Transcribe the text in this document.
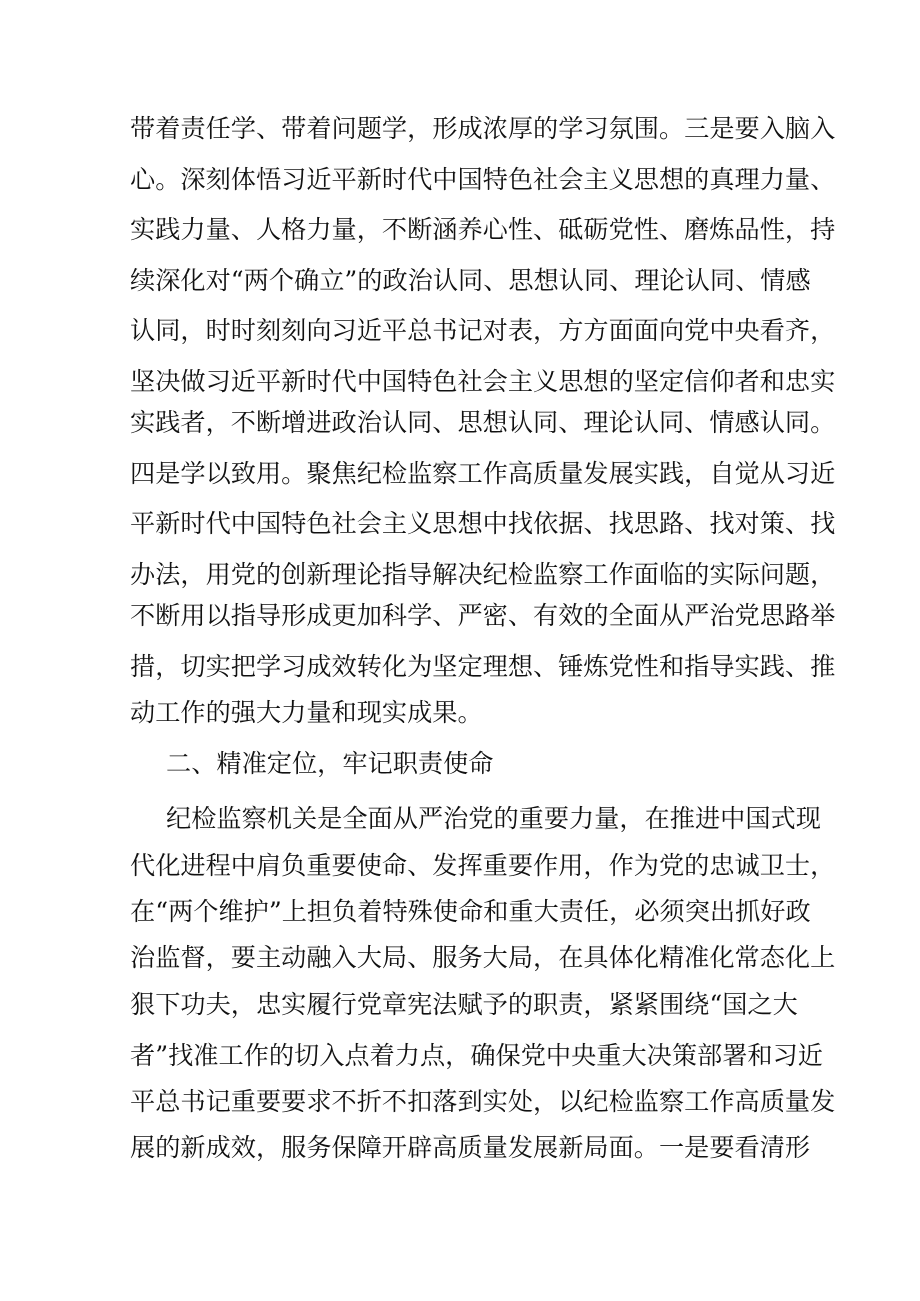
带着责任学、带着问题学，形成浓厚的学习氛围。三是要入脑入
心。深刻体悟习近平新时代中国特色社会主义思想的真理力量、
实践力量、人格力量，不断涵养心性、砥砺党性、磨炼品性，持
续深化对“两个确立”的政治认同、思想认同、理论认同、情感
认同，时时刻刻向习近平总书记对表，方方面面向党中央看齐，
坚决做习近平新时代中国特色社会主义思想的坚定信仰者和忠实
实践者，不断增进政治认同、思想认同、理论认同、情感认同。
四是学以致用。聚焦纪检监察工作高质量发展实践，自觉从习近
平新时代中国特色社会主义思想中找依据、找思路、找对策、找
办法，用党的创新理论指导解决纪检监察工作面临的实际问题，
不断用以指导形成更加科学、严密、有效的全面从严治党思路举
措，切实把学习成效转化为坚定理想、锤炼党性和指导实践、推
动工作的强大力量和现实成果。
二、精准定位，牢记职责使命
纪检监察机关是全面从严治党的重要力量，在推进中国式现
代化进程中肩负重要使命、发挥重要作用，作为党的忠诚卫士，
在“两个维护”上担负着特殊使命和重大责任，必须突出抓好政
治监督，要主动融入大局、服务大局，在具体化精准化常态化上
狠下功夫，忠实履行党章宪法赋予的职责，紧紧围绕“国之大
者”找准工作的切入点着力点，确保党中央重大决策部署和习近
平总书记重要要求不折不扣落到实处，以纪检监察工作高质量发
展的新成效，服务保障开辟高质量发展新局面。一是要看清形
